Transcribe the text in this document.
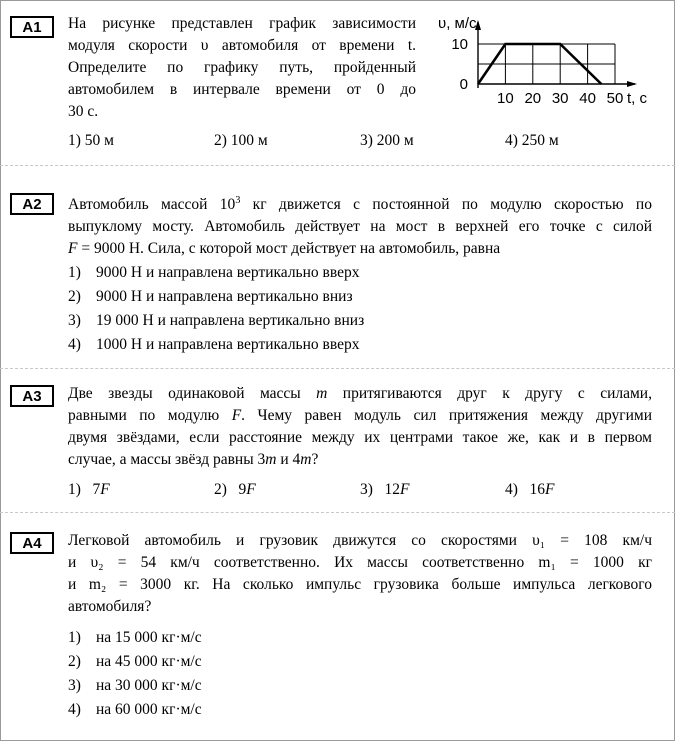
A1	На рисунке представлен график зависимости
модуля скорости υ автомобиля от времени t.
Определите по графику путь, пройденный
автомобилем в интервале времени от 0 до
30 с.
10 20 30 40 50
0
10
υ, м/с
t, с
1) 50 м	2) 100 м	3) 200 м	4) 250 м
A2	Автомобиль массой $10^3$ кг движется с постоянной по модулю скоростью по
выпуклому мосту. Автомобиль действует на мост в верхней его точке с силой
F = 9000 Н. Сила, с которой мост действует на автомобиль, равна
1) 9000 Н и направлена вертикально вверх
2) 9000 Н и направлена вертикально вниз
3) 19 000 Н и направлена вертикально вниз
4) 1000 Н и направлена вертикально вверх
A3	Две звезды одинаковой массы m притягиваются друг к другу с силами,
равными по модулю F. Чему равен модуль сил притяжения между другими
двумя звёздами, если расстояние между их центрами такое же, как и в первом
случае, а массы звёзд равны 3m и 4m?
1) 7F	2) 9F	3) 12F	4) 16F
A4	Легковой автомобиль и грузовик движутся со скоростями υ₁ = 108 км/ч
и υ₂ = 54 км/ч соответственно. Их массы соответственно m₁ = 1000 кг
и m₂ = 3000 кг. На сколько импульс грузовика больше импульса легкового
автомобиля?
1) на 15 000 кг·м/с
2) на 45 000 кг·м/с
3) на 30 000 кг·м/с
4) на 60 000 кг·м/с
